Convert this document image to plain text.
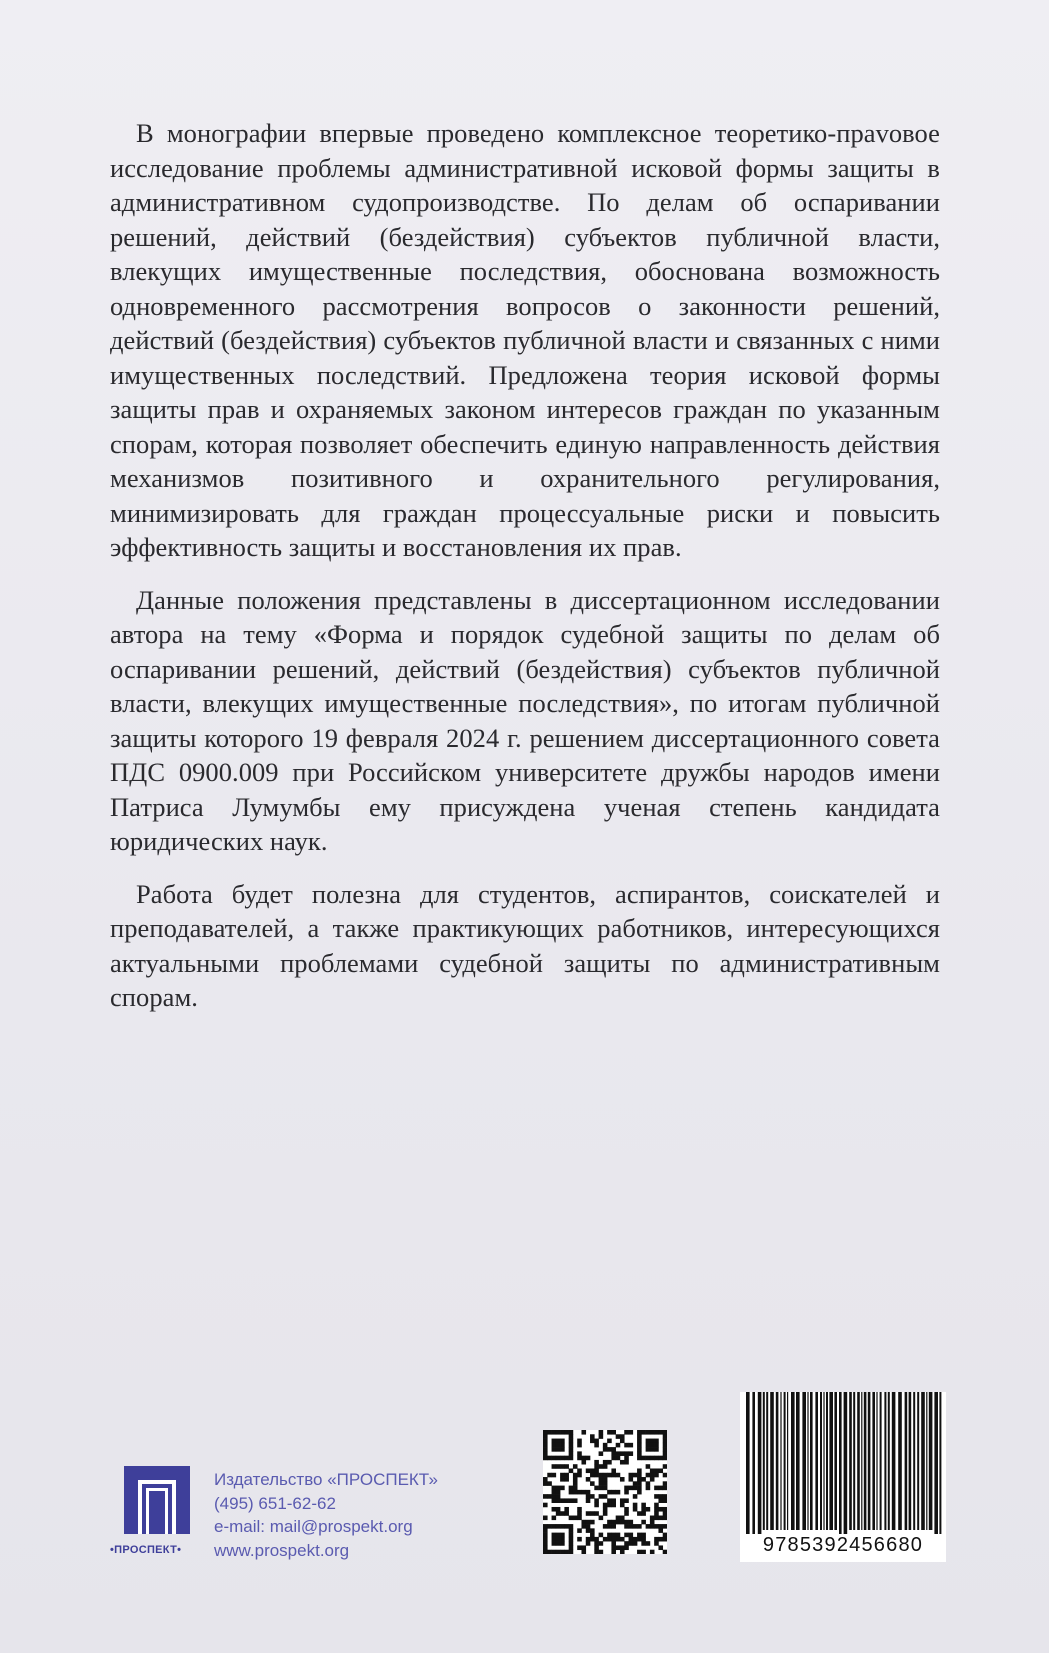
В монографии впервые проведено комплексное теоретико-праvовое исследование проблемы административной исковой формы защиты в административном судопроизводстве. По делам об оспаривании решений, действий (бездействия) субъектов публичной власти, влекущих имущественные последствия, обоснована возможность одновременного рассмотрения вопросов о законности решений, действий (бездействия) субъектов публичной власти и связанных с ними имущественных последствий. Предложена теория исковой формы защиты прав и охраняемых законом интересов граждан по указанным спорам, которая позволяет обеспечить единую направленность действия механизмов позитивного и охранительного регулирования, минимизировать для граждан процессуальные риски и повысить эффективность защиты и восстановления их прав.

Данные положения представлены в диссертационном исследовании автора на тему «Форма и порядок судебной защиты по делам об оспаривании решений, действий (бездействия) субъектов публичной власти, влекущих имущественные последствия», по итогам публичной защиты которого 19 февраля 2024 г. решением диссертационного совета ПДС 0900.009 при Российском университете дружбы народов имени Патриса Лумумбы ему присуждена ученая степень кандидата юридических наук.

Работа будет полезна для студентов, аспирантов, соискателей и преподавателей, а также практикующих работников, интересующихся актуальными проблемами судебной защиты по административным спорам.

•ПРОСПЕКТ•
Издательство «ПРОСПЕКТ»
(495) 651-62-62
e-mail: mail@prospekt.org
www.prospekt.org	9785392456680
